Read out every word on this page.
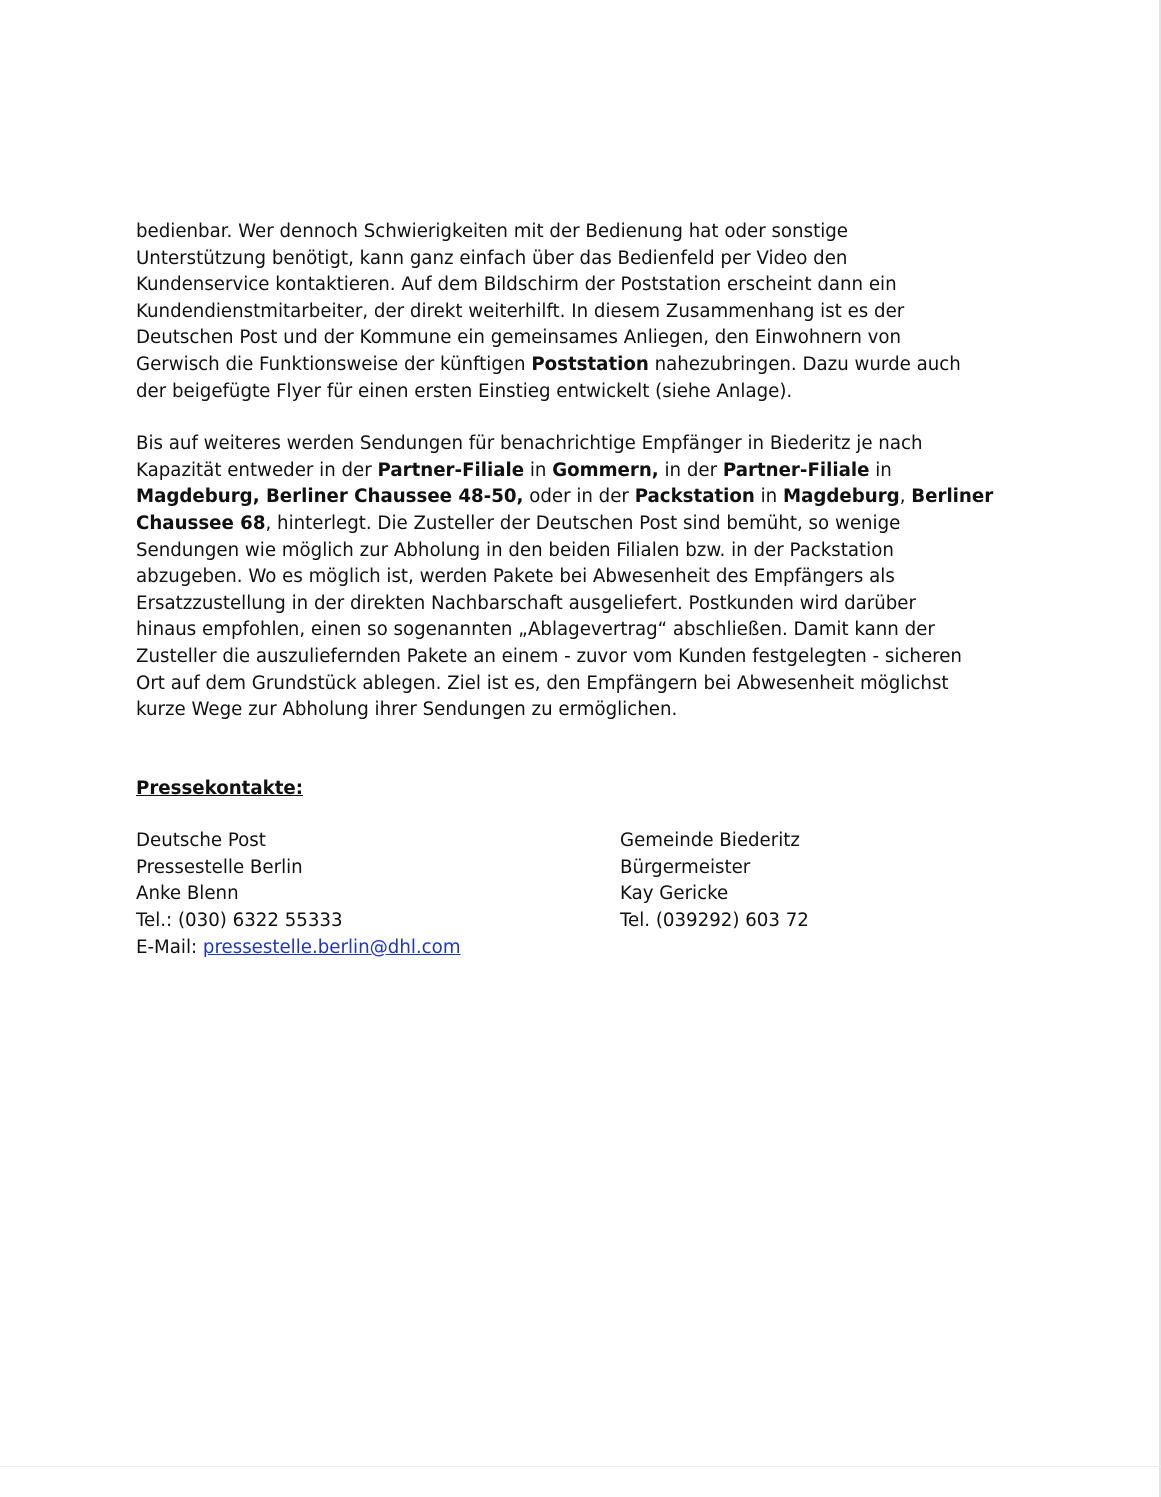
bedienbar. Wer dennoch Schwierigkeiten mit der Bedienung hat oder sonstige
Unterstützung benötigt, kann ganz einfach über das Bedienfeld per Video den
Kundenservice kontaktieren. Auf dem Bildschirm der Poststation erscheint dann ein
Kundendienstmitarbeiter, der direkt weiterhilft. In diesem Zusammenhang ist es der
Deutschen Post und der Kommune ein gemeinsames Anliegen, den Einwohnern von
Gerwisch die Funktionsweise der künftigen Poststation nahezubringen. Dazu wurde auch
der beigefügte Flyer für einen ersten Einstieg entwickelt (siehe Anlage).

Bis auf weiteres werden Sendungen für benachrichtige Empfänger in Biederitz je nach
Kapazität entweder in der Partner-Filiale in Gommern, in der Partner-Filiale in
Magdeburg, Berliner Chaussee 48-50, oder in der Packstation in Magdeburg, Berliner
Chaussee 68, hinterlegt. Die Zusteller der Deutschen Post sind bemüht, so wenige
Sendungen wie möglich zur Abholung in den beiden Filialen bzw. in der Packstation
abzugeben. Wo es möglich ist, werden Pakete bei Abwesenheit des Empfängers als
Ersatzzustellung in der direkten Nachbarschaft ausgeliefert. Postkunden wird darüber
hinaus empfohlen, einen so sogenannten „Ablagevertrag“ abschließen. Damit kann der
Zusteller die auszuliefernden Pakete an einem - zuvor vom Kunden festgelegten - sicheren
Ort auf dem Grundstück ablegen. Ziel ist es, den Empfängern bei Abwesenheit möglichst
kurze Wege zur Abholung ihrer Sendungen zu ermöglichen.

Pressekontakte:
Deutsche Post
Pressestelle Berlin
Anke Blenn
Tel.: (030) 6322 55333
E-Mail: pressestelle.berlin@dhl.com
Gemeinde Biederitz
Bürgermeister
Kay Gericke
Tel. (039292) 603 72
